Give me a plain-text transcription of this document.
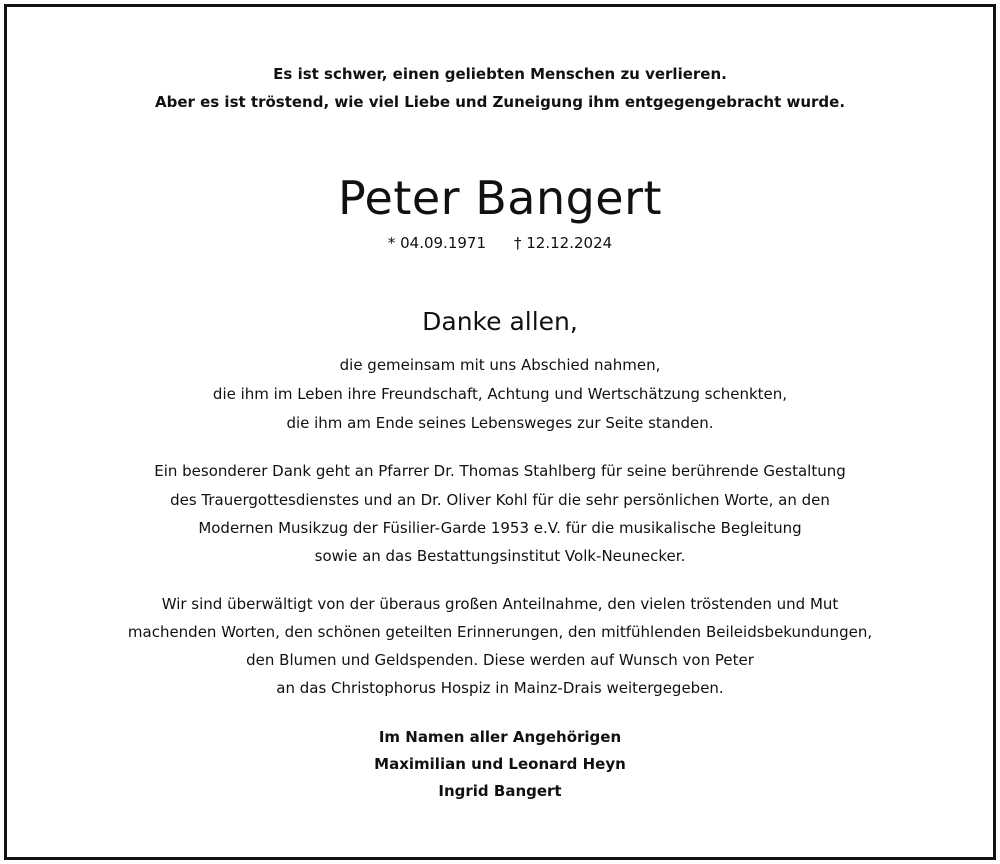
Es ist schwer, einen geliebten Menschen zu verlieren.
Aber es ist tröstend, wie viel Liebe und Zuneigung ihm entgegengebracht wurde.
Peter Bangert
* 04.09.1971 † 12.12.2024
Danke allen,
die gemeinsam mit uns Abschied nahmen,
die ihm im Leben ihre Freundschaft, Achtung und Wertschätzung schenkten,
die ihm am Ende seines Lebensweges zur Seite standen.
Ein besonderer Dank geht an Pfarrer Dr. Thomas Stahlberg für seine berührende Gestaltung
des Trauergottesdienstes und an Dr. Oliver Kohl für die sehr persönlichen Worte, an den
Modernen Musikzug der Füsilier-Garde 1953 e.V. für die musikalische Begleitung
sowie an das Bestattungsinstitut Volk-Neunecker.
Wir sind überwältigt von der überaus großen Anteilnahme, den vielen tröstenden und Mut
machenden Worten, den schönen geteilten Erinnerungen, den mitfühlenden Beileidsbekundungen,
den Blumen und Geldspenden. Diese werden auf Wunsch von Peter
an das Christophorus Hospiz in Mainz-Drais weitergegeben.
Im Namen aller Angehörigen
Maximilian und Leonard Heyn
Ingrid Bangert
